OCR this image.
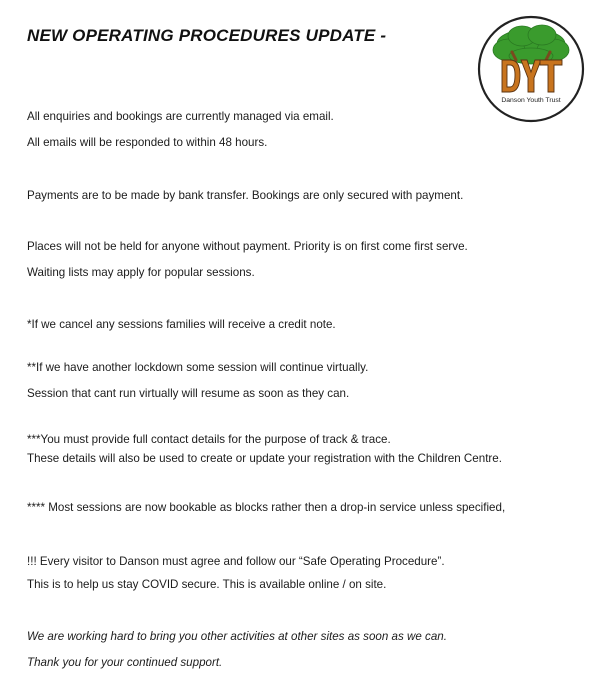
NEW OPERATING PROCEDURES UPDATE -
Danson Youth Trust
All enquiries and bookings are currently managed via email.
All emails will be responded to within 48 hours.
Payments are to be made by bank transfer. Bookings are only secured with payment.
Places will not be held for anyone without payment. Priority is on first come first serve.
Waiting lists may apply for popular sessions.
*If we cancel any sessions families will receive a credit note.
**If we have another lockdown some session will continue virtually.
Session that cant run virtually will resume as soon as they can.
***You must provide full contact details for the purpose of track & trace.
These details will also be used to create or update your registration with the Children Centre.
**** Most sessions are now bookable as blocks rather then a drop-in service unless specified,
!!! Every visitor to Danson must agree and follow our “Safe Operating Procedure”.
This is to help us stay COVID secure. This is available online / on site.
We are working hard to bring you other activities at other sites as soon as we can.
Thank you for your continued support.
